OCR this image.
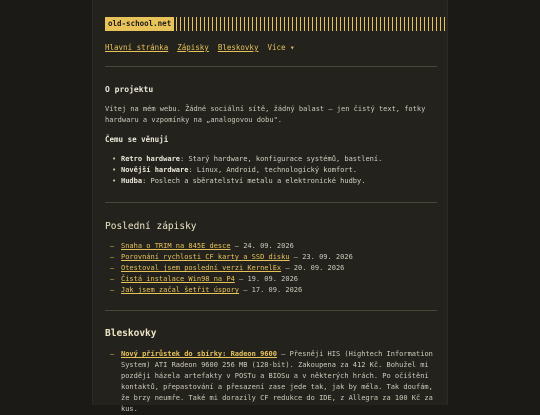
old-school.net
Hlavní stránka Zápisky Bleskovky Více ▾
O projektu

Vítej na mém webu. Žádné sociální sítě, žádný balast – jen čistý text, fotky hardwaru a vzpomínky na „analogovou dobu".

Čemu se věnuji
• Retro hardware: Starý hardware, konfigurace systémů, bastlení.
• Novější hardware: Linux, Android, technologický komfort.
• Hudba: Poslech a sběratelství metalu a elektronické hudby.
Poslední zápisky
– Snaha o TRIM na 845E desce — 24. 09. 2026
– Porovnání rychlosti CF karty a SSD disku — 23. 09. 2026
– Otestoval jsem poslední verzi KernelEx — 20. 09. 2026
– Čistá instalace Win98 na P4 — 19. 09. 2026
– Jak jsem začal šetřit úspory — 17. 09. 2026
Bleskovky
– Nový přírůstek do sbírky: Radeon 9600 — Přesněji HIS (Hightech Information System) ATI Radeon 9600 256 MB (128-bit). Zakoupena za 412 Kč. Bohužel mi později házela artefakty v POSTu a BIOSu a v některých hrách. Po očištění kontaktů, přepastování a přesazení zase jede tak, jak by měla. Tak doufám, že brzy neumře. Také mi dorazily CF redukce do IDE, z Allegra za 100 Kč za kus.
